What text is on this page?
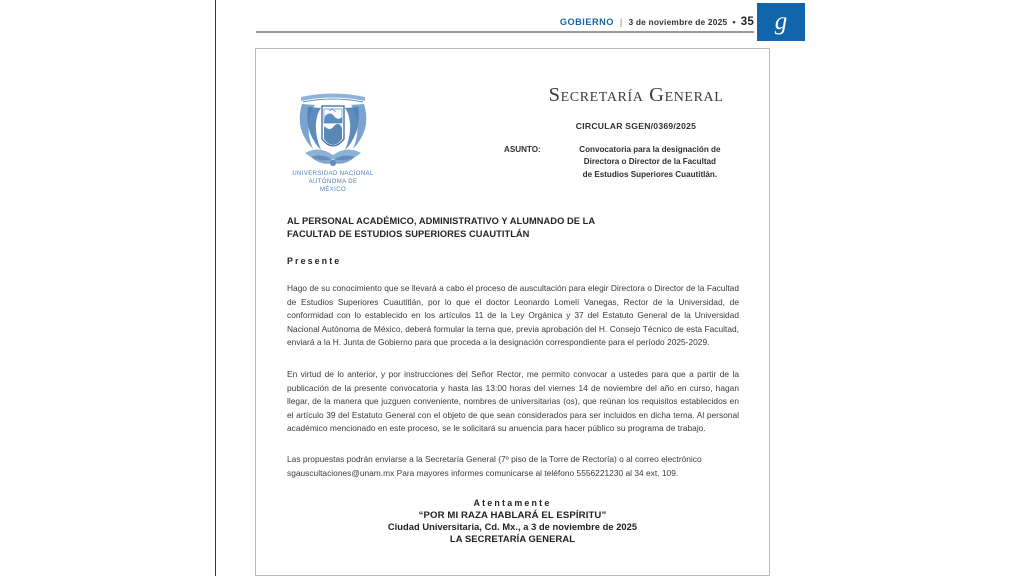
GOBIERNO | 3 de noviembre de 2025 • 35 g
UNIVERSIDAD NACIONAL
AUTÓNOMA DE
MÉXICO
Secretaría General
CIRCULAR SGEN/0369/2025
ASUNTO:	Convocatoria para la designación de
Directora o Director de la Facultad
de Estudios Superiores Cuautitlán.
AL PERSONAL ACADÉMICO, ADMINISTRATIVO Y ALUMNADO DE LA
FACULTAD DE ESTUDIOS SUPERIORES CUAUTITLÁN
Presente
Hago de su conocimiento que se llevará a cabo el proceso de auscultación para elegir Directora o Director de la Facultad de Estudios Superiores Cuautitlán, por lo que el doctor Leonardo Lomelí Vanegas, Rector de la Universidad, de conformidad con lo establecido en los artículos 11 de la Ley Orgánica y 37 del Estatuto General de la Universidad Nacional Autónoma de México, deberá formular la terna que, previa aprobación del H. Consejo Técnico de esta Facultad, enviará a la H. Junta de Gobierno para que proceda a la designación correspondiente para el período 2025-2029.
En virtud de lo anterior, y por instrucciones del Señor Rector, me permito convocar a ustedes para que a partir de la publicación de la presente convocatoria y hasta las 13:00 horas del viernes 14 de noviembre del año en curso, hagan llegar, de la manera que juzguen conveniente, nombres de universitarias (os), que reúnan los requisitos establecidos en el artículo 39 del Estatuto General con el objeto de que sean considerados para ser incluidos en dicha terna. Al personal académico mencionado en este proceso, se le solicitará su anuencia para hacer público su programa de trabajo.
Las propuestas podrán enviarse a la Secretaría General (7º piso de la Torre de Rectoría) o al correo electrónico
sgauscultaciones@unam.mx Para mayores informes comunicarse al teléfono 5556221230 al 34 ext. 109.
Atentamente
“POR MI RAZA HABLARÁ EL ESPÍRITU”
Ciudad Universitaria, Cd. Mx., a 3 de noviembre de 2025
LA SECRETARÍA GENERAL
